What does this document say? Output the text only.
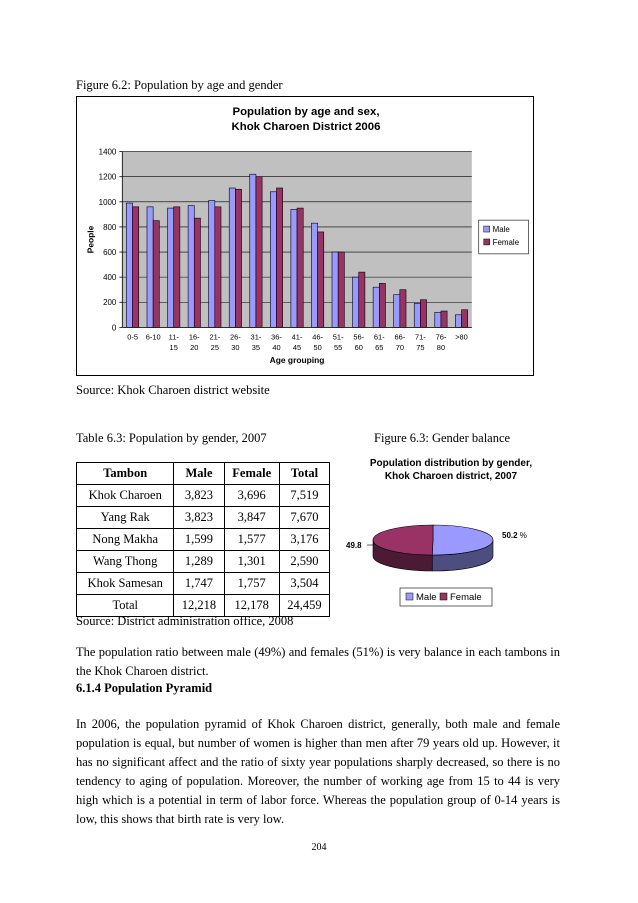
Figure 6.2: Population by age and gender
Population by age and sex,
Khok Charoen District 2006
0
200
400
600
800
1000
1200
1400
0-5 6-10 11-
15
16-
20
21-
25
26-
30
31-
35
36-
40
41-
45
46-
50
51-
55
56-
60
61-
65
66-
70
71-
75
76-
80
>80
Age grouping
People	Male
Female
Source: Khok Charoen district website
Table 6.3: Population by gender, 2007	Figure 6.3: Gender balance
Tambon	Male	Female	Total
Khok Charoen	3,823	3,696	7,519
Yang Rak	3,823	3,847	7,670
Nong Makha	1,599	1,577	3,176
Wang Thong	1,289	1,301	2,590
Khok Samesan	1,747	1,757	3,504
Total	12,218	12,178	24,459
Population distribution by gender,
Khok Charoen district, 2007
50.2 %
49.8
Male Female
Source: District administration office, 2008
The population ratio between male (49%) and females (51%) is very balance in each tambons in the Khok Charoen district.
6.1.4 Population Pyramid
In 2006, the population pyramid of Khok Charoen district, generally, both male and female population is equal, but number of women is higher than men after 79 years old up. However, it has no significant affect and the ratio of sixty year populations sharply decreased, so there is no tendency to aging of population. Moreover, the number of working age from 15 to 44 is very high which is a potential in term of labor force. Whereas the population group of 0-14 years is low, this shows that birth rate is very low.
204
